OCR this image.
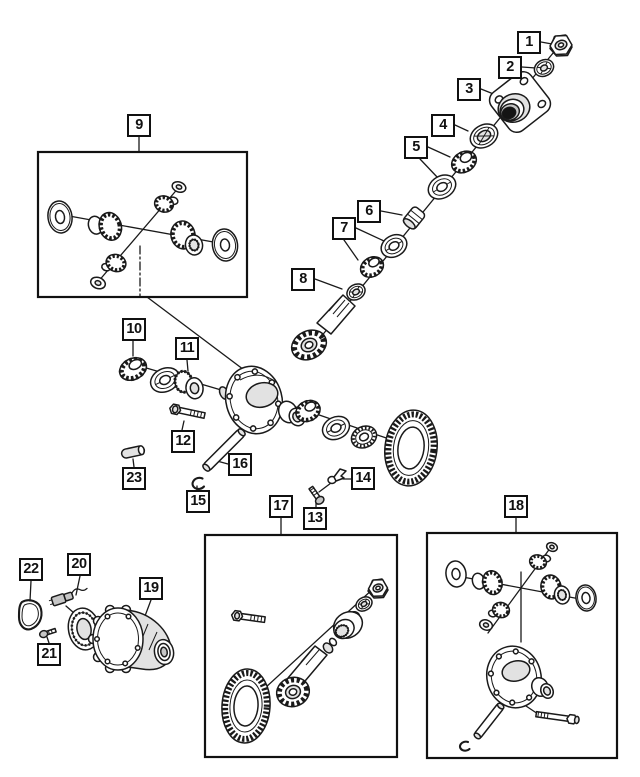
1
2
3
4
5
6
7
8
9
10
11
12
13
14
15
16
17	18
19
20
21
22
23
